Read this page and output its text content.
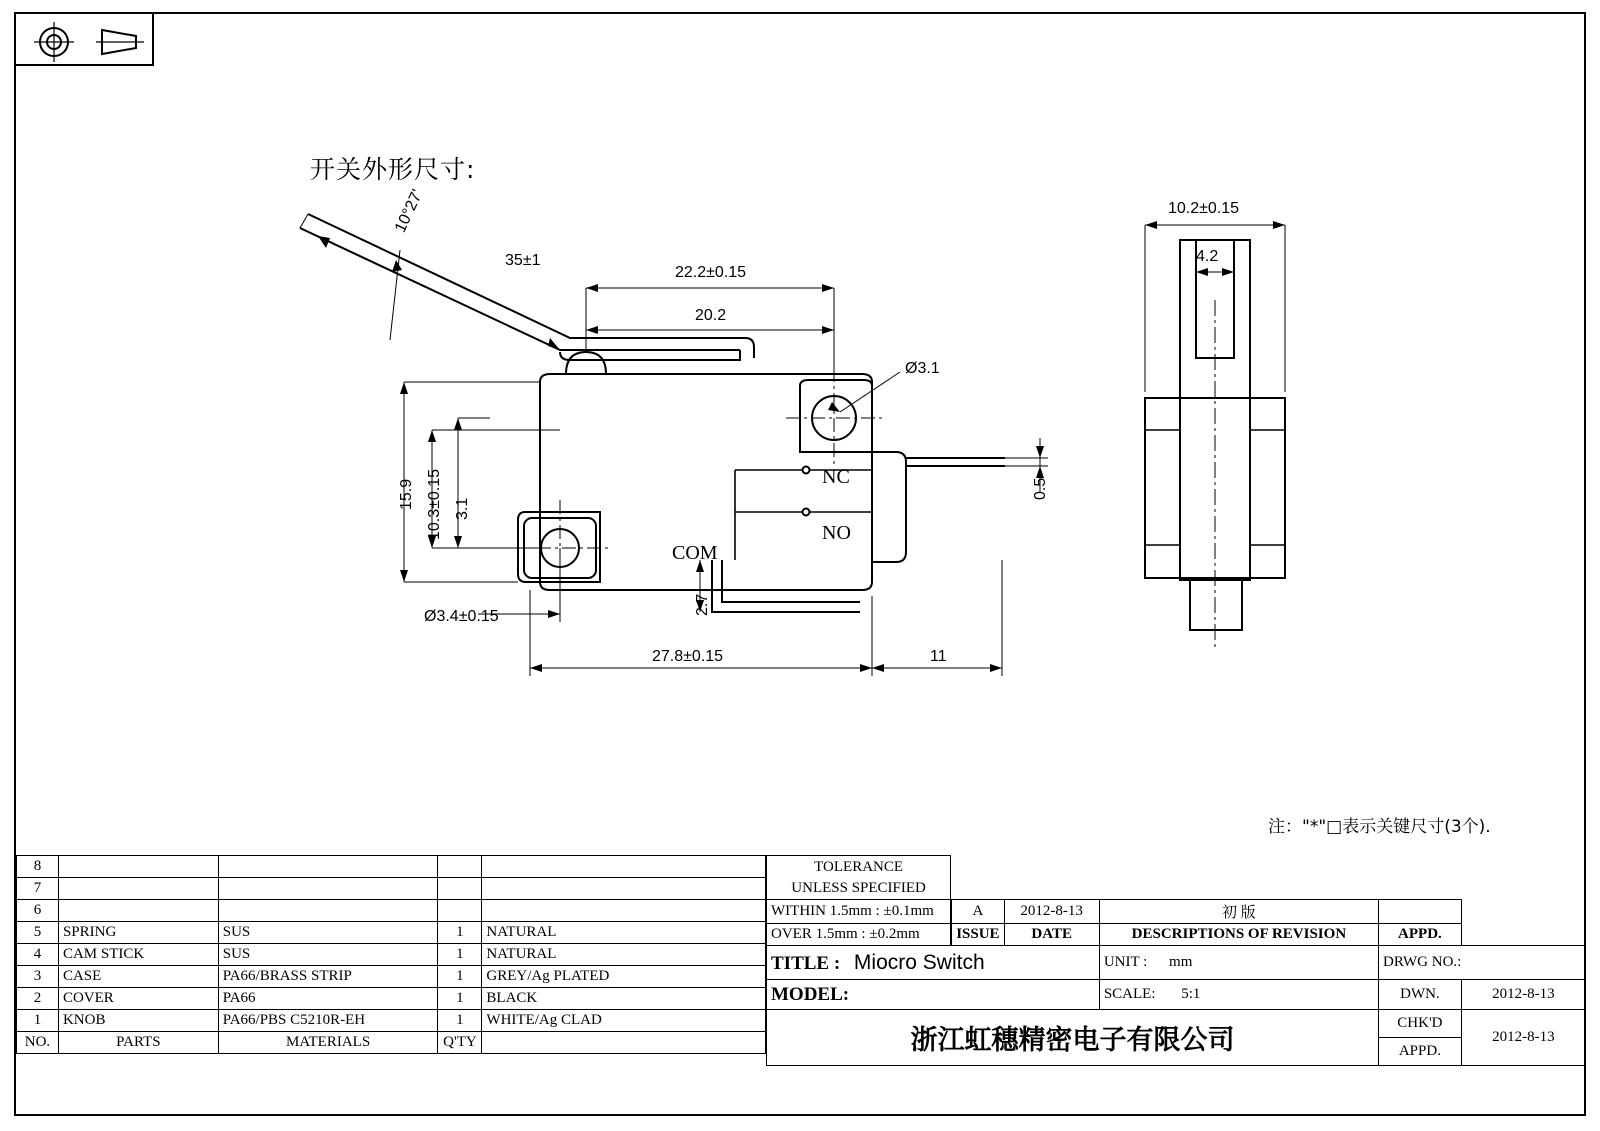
开关外形尺寸:
22.2±0.15
20.2
35±1
10°27'
15.9 10.3±0.15 3.1
Ø3.1
Ø3.4±0.15
2.7
27.8±0.15	11
0.5
10.2±0.15
4.2
NC
NO
COM
注："*"□表示关键尺寸(3个).
8				
7				
6				
5	SPRING	SUS	1	NATURAL
4	CAM STICK	SUS	1	NATURAL
3	CASE	PA66/BRASS STRIP	1	GREY/Ag PLATED
2	COVER	PA66	1	BLACK
1	KNOB	PA66/PBS C5210R-EH	1	WHITE/Ag CLAD
NO.	PARTS	MATERIALS	Q'TY	
TOLERANCE
UNLESS SPECIFIED					

WITHIN 1.5mm : ±0.1mm		A	2012-8-13	初 版		
OVER 1.5mm : ±0.2mm		ISSUE	DATE	DESCRIPTIONS OF REVISION	APPD.	
TITLE : Miocro Switch			UNIT : mm	DRWG NO.:	
MODEL:			SCALE: 5:1	DWN.	2012-8-13
浙江虹穗精密电子有限公司				CHK'D	2012-8-13
				APPD.	
